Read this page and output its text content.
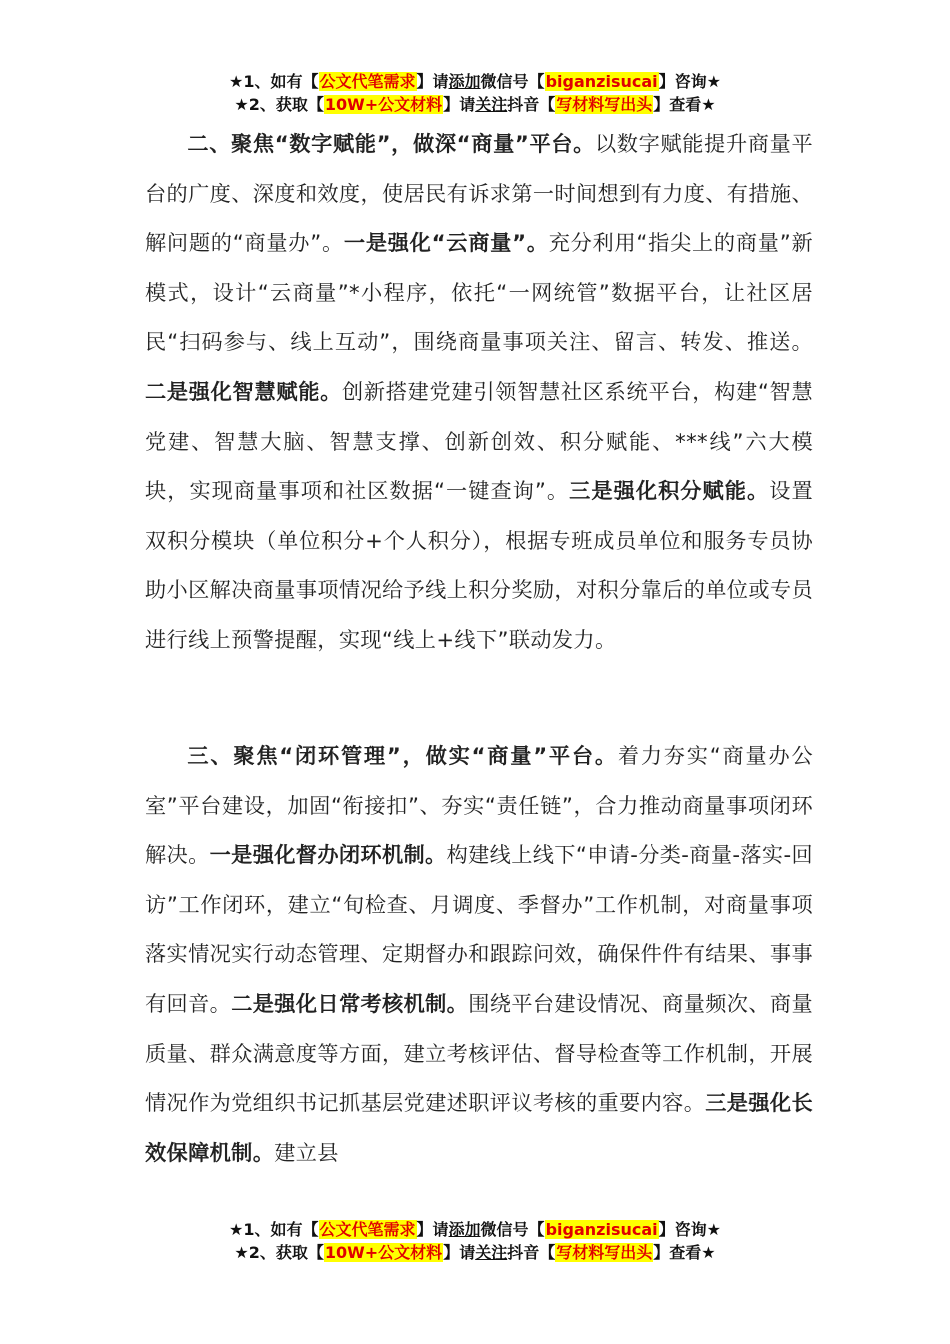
★1、如有【公文代笔需求】请添加微信号【biganzisucai】咨询★
★2、获取【10W+公文材料】请关注抖音【写材料写出头】查看★

二、聚焦“数字赋能”，做深“商量”平台。以数字赋能提升商量平台的广度、深度和效度，使居民有诉求第一时间想到有力度、有措施、解问题的“商量办”。一是强化“云商量”。充分利用“指尖上的商量”新模式，设计“云商量”*小程序，依托“一网统管”数据平台，让社区居民“扫码参与、线上互动”，围绕商量事项关注、留言、转发、推送。二是强化智慧赋能。创新搭建党建引领智慧社区系统平台，构建“智慧党建、智慧大脑、智慧支撑、创新创效、积分赋能、***线”六大模块，实现商量事项和社区数据“一键查询”。三是强化积分赋能。设置双积分模块（单位积分+个人积分），根据专班成员单位和服务专员协助小区解决商量事项情况给予线上积分奖励，对积分靠后的单位或专员进行线上预警提醒，实现“线上+线下”联动发力。

三、聚焦“闭环管理”，做实“商量”平台。着力夯实“商量办公室”平台建设，加固“衔接扣”、夯实“责任链”，合力推动商量事项闭环解决。一是强化督办闭环机制。构建线上线下“申请-分类-商量-落实-回访”工作闭环，建立“旬检查、月调度、季督办”工作机制，对商量事项落实情况实行动态管理、定期督办和跟踪问效，确保件件有结果、事事有回音。二是强化日常考核机制。围绕平台建设情况、商量频次、商量质量、群众满意度等方面，建立考核评估、督导检查等工作机制，开展情况作为党组织书记抓基层党建述职评议考核的重要内容。三是强化长效保障机制。建立县

★1、如有【公文代笔需求】请添加微信号【biganzisucai】咨询★
★2、获取【10W+公文材料】请关注抖音【写材料写出头】查看★
